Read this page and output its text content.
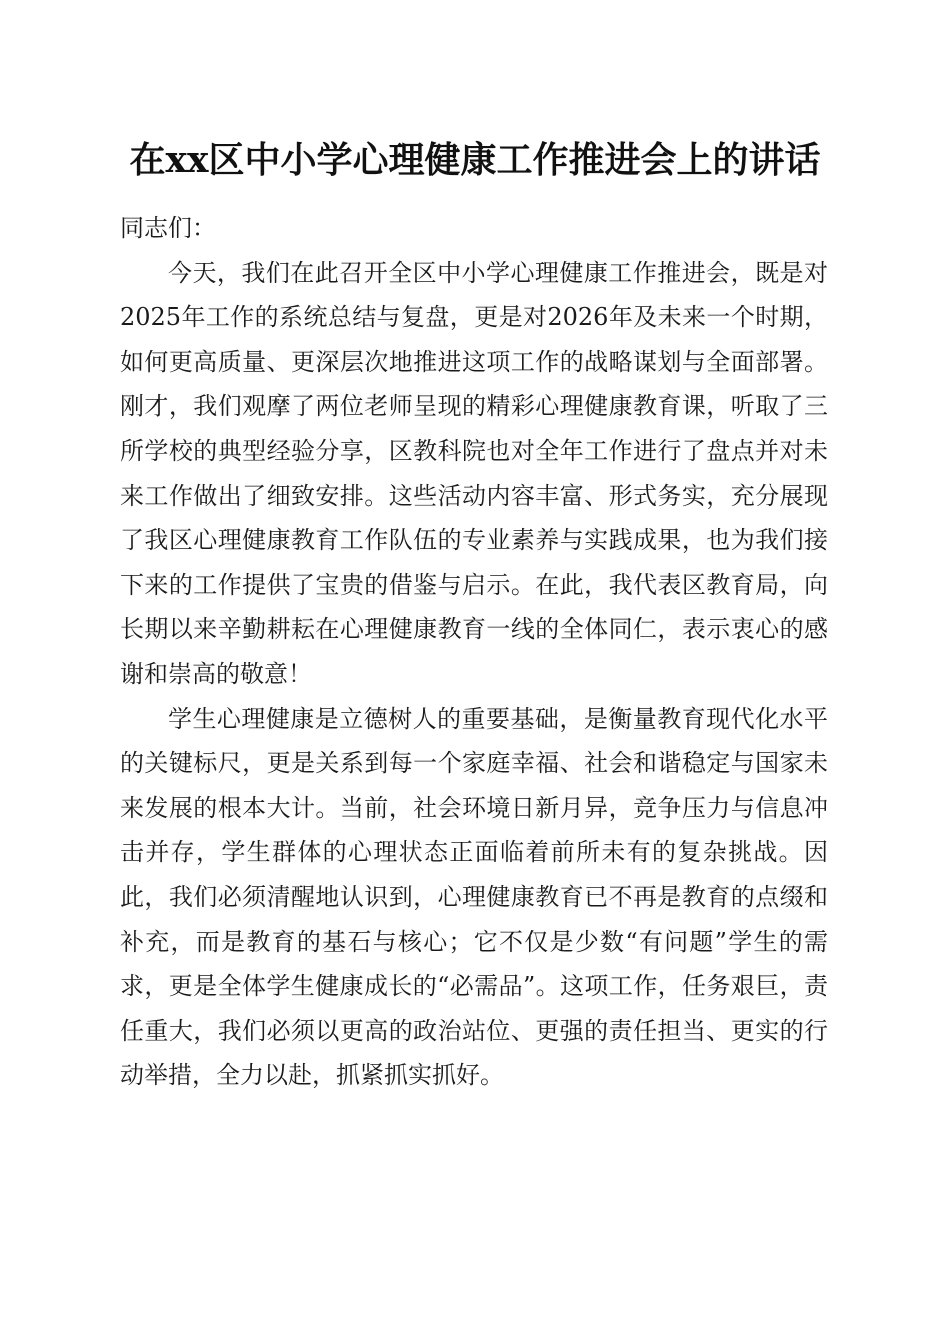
在xx区中小学心理健康工作推进会上的讲话

同志们：

今天，我们在此召开全区中小学心理健康工作推进会，既是对2025年工作的系统总结与复盘，更是对2026年及未来一个时期，如何更高质量、更深层次地推进这项工作的战略谋划与全面部署。刚才，我们观摩了两位老师呈现的精彩心理健康教育课，听取了三所学校的典型经验分享，区教科院也对全年工作进行了盘点并对未来工作做出了细致安排。这些活动内容丰富、形式务实，充分展现了我区心理健康教育工作队伍的专业素养与实践成果，也为我们接下来的工作提供了宝贵的借鉴与启示。在此，我代表区教育局，向长期以来辛勤耕耘在心理健康教育一线的全体同仁，表示衷心的感谢和崇高的敬意！

学生心理健康是立德树人的重要基础，是衡量教育现代化水平的关键标尺，更是关系到每一个家庭幸福、社会和谐稳定与国家未来发展的根本大计。当前，社会环境日新月异，竞争压力与信息冲击并存，学生群体的心理状态正面临着前所未有的复杂挑战。因此，我们必须清醒地认识到，心理健康教育已不再是教育的点缀和补充，而是教育的基石与核心；它不仅是少数“有问题”学生的需求，更是全体学生健康成长的“必需品”。这项工作，任务艰巨，责任重大，我们必须以更高的政治站位、更强的责任担当、更实的行动举措，全力以赴，抓紧抓实抓好。
